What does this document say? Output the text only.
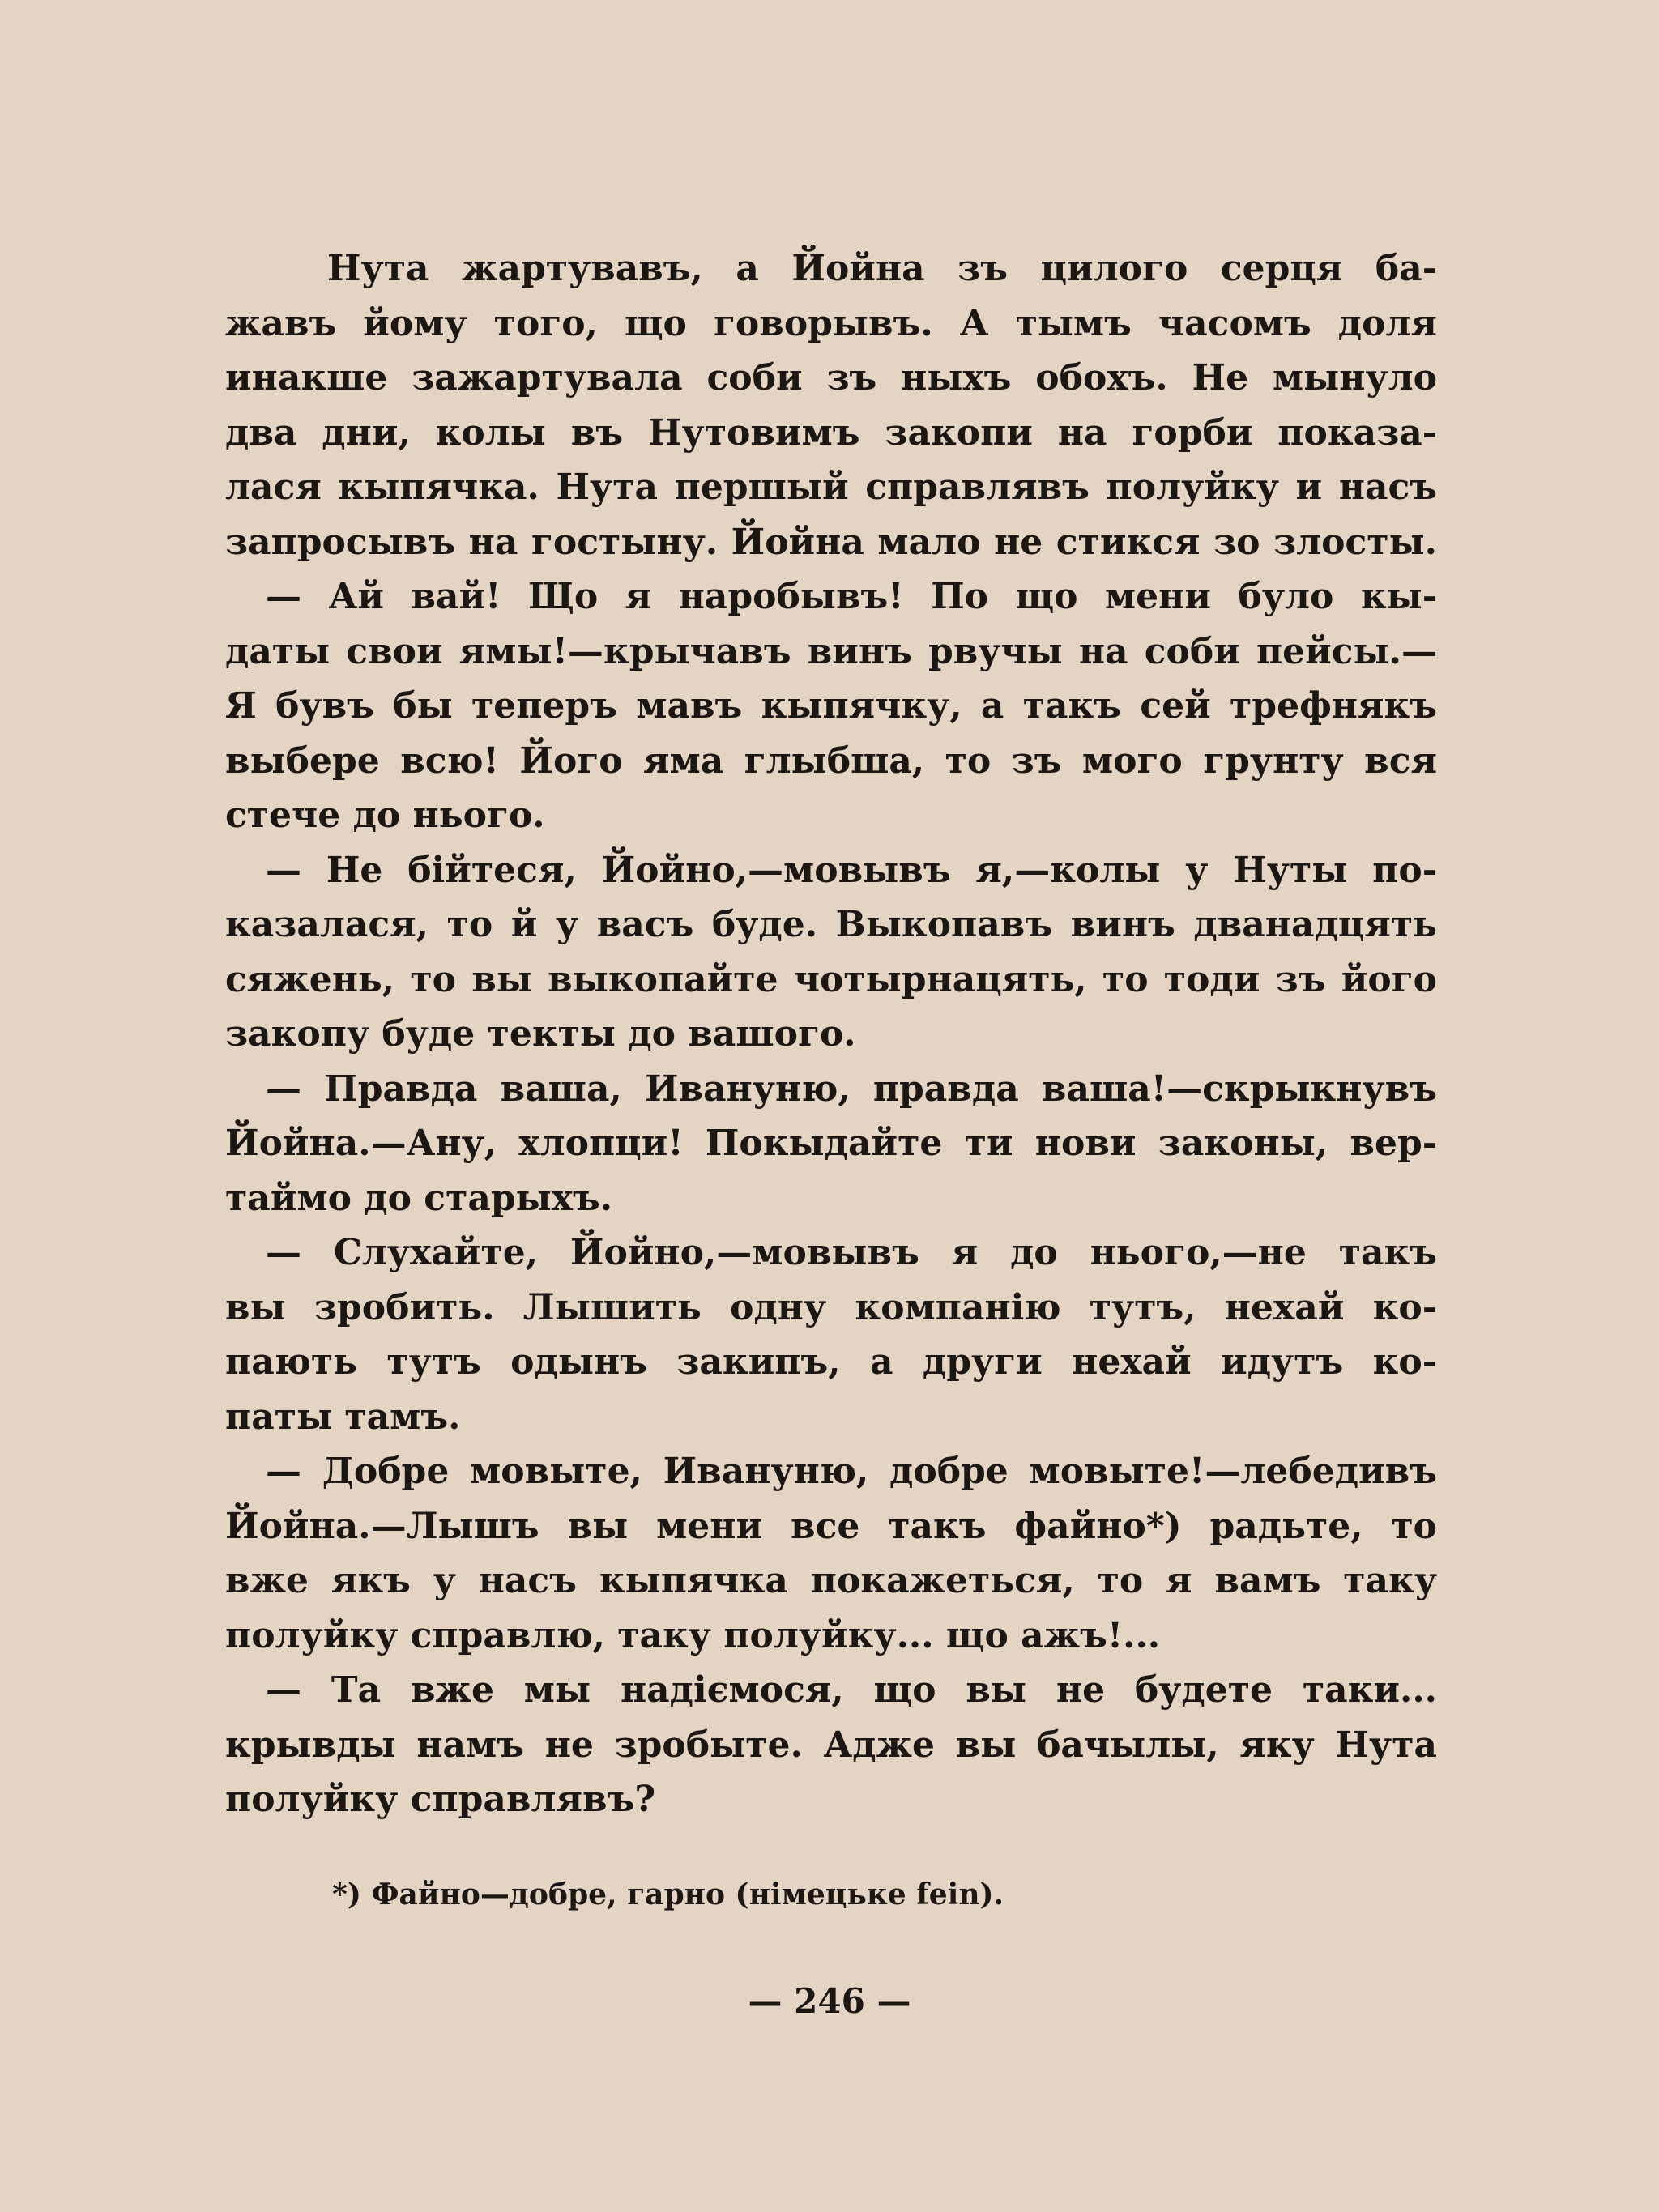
Нута жартувавъ, а Йойна зъ цилого серця ба-
жавъ йому того, що говорывъ. А тымъ часомъ доля
инакше зажартувала соби зъ ныхъ обохъ. Не мынуло
два дни, колы въ Нутовимъ закопи на горби показа-
лася кыпячка. Нута першый справлявъ полуйку и насъ
запросывъ на гостыну. Йойна мало не стикся зо злосты.
— Ай вай! Що я наробывъ! По що мени було кы-
даты свои ямы!—крычавъ винъ рвучы на соби пейсы.—
Я бувъ бы теперъ мавъ кыпячку, а такъ сей трефнякъ
выбере всю! Його яма глыбша, то зъ мого грунту вся
стече до нього.
— Не бійтеся, Йойно,—мовывъ я,—колы у Нуты по-
казалася, то й у васъ буде. Выкопавъ винъ дванадцять
сяжень, то вы выкопайте чотырнацять, то тоди зъ його
закопу буде текты до вашого.
— Правда ваша, Ивануню, правда ваша!—скрыкнувъ
Йойна.—Ану, хлопци! Покыдайте ти нови законы, вер-
таймо до старыхъ.
— Слухайте, Йойно,—мовывъ я до нього,—не такъ
вы зробить. Лышить одну компанію тутъ, нехай ко-
пають тутъ одынъ закипъ, а други нехай идутъ ко-
паты тамъ.
— Добре мовыте, Ивануню, добре мовыте!—лебедивъ
Йойна.—Лышъ вы мени все такъ файно*) радьте, то
вже якъ у насъ кыпячка покажеться, то я вамъ таку
полуйку справлю, таку полуйку... що ажъ!...
— Та вже мы надіємося, що вы не будете таки...
крывды намъ не зробыте. Адже вы бачылы, яку Нута
полуйку справлявъ?
*) Файно—добре, гарно (німецьке fein).
— 246 —
